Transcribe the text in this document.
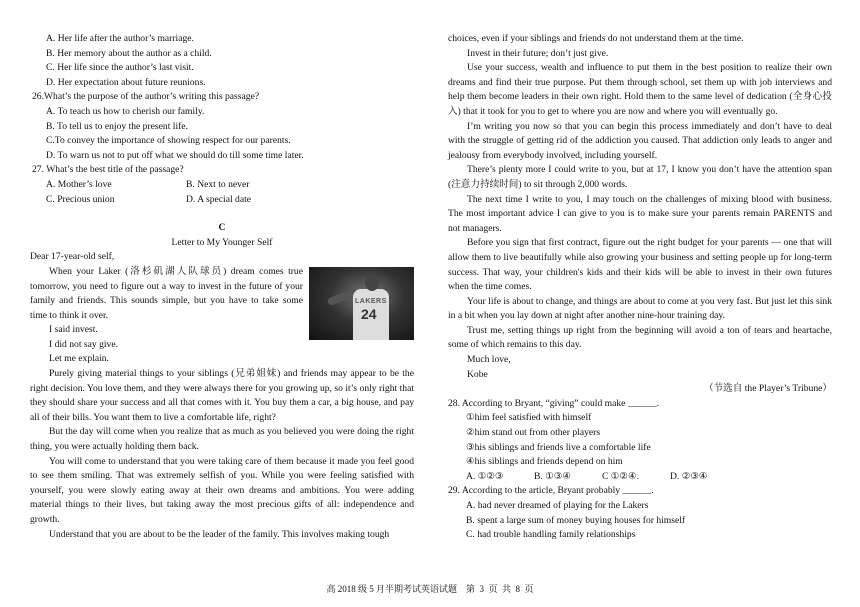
A. Her life after the author’s marriage.
B. Her memory about the author as a child.
C. Her life since the author’s last visit.
D. Her expectation about future reunions.
26.What’s the purpose of the author’s writing this passage?
A. To teach us how to cherish our family.
B. To tell us to enjoy the present life.
C.To convey the importance of showing respect for our parents.
D. To warn us not to put off what we should do till some time later.
27. What’s the best title of the passage?
A. Mother’s love	B. Next to never
C. Precious union	D. A special date
C
Letter to My Younger Self
Dear 17-year-old self,
LAKERS
24

When your Laker (洛杉矶湖人队球员) dream comes true tomorrow, you need to figure out a way to invest in the future of your family and friends. This sounds simple, but you have to take some time to think it over.

I said invest.

I did not say give.

Let me explain.

Purely giving material things to your siblings (兄弟姐妹) and friends may appear to be the right decision. You love them, and they were always there for you growing up, so it’s only right that they should share your success and all that comes with it. You buy them a car, a big house, and pay all of their bills. You want them to live a comfortable life, right?

But the day will come when you realize that as much as you believed you were doing the right thing, you were actually holding them back.

You will come to understand that you were taking care of them because it made you feel good to see them smiling. That was extremely selfish of you. While you were feeling satisfied with yourself, you were slowly eating away at their own dreams and ambitions. You were adding material things to their lives, but taking away the most precious gifts of all: independence and growth.

Understand that you are about to be the leader of the family. This involves making tough

choices, even if your siblings and friends do not understand them at the time.

Invest in their future; don’t just give.

Use your success, wealth and influence to put them in the best position to realize their own dreams and find their true purpose. Put them through school, set them up with job interviews and help them become leaders in their own right. Hold them to the same level of dedication (全身心投入) that it took for you to get to where you are now and where you will eventually go.

I’m writing you now so that you can begin this process immediately and don’t have to deal with the struggle of getting rid of the addiction you caused. That addiction only leads to anger and jealousy from everybody involved, including yourself.

There’s plenty more I could write to you, but at 17, I know you don’t have the attention span (注意力持续时间) to sit through 2,000 words.

The next time I write to you, I may touch on the challenges of mixing blood with business. The most important advice I can give to you is to make sure your parents remain PARENTS and not managers.

Before you sign that first contract, figure out the right budget for your parents — one that will allow them to live beautifully while also growing your business and setting people up for long-term success. That way, your children's kids and their kids will be able to invest in their own futures when the time comes.

Your life is about to change, and things are about to come at you very fast. But just let this sink in a bit when you lay down at night after another nine-hour training day.

Trust me, setting things up right from the beginning will avoid a ton of tears and heartache, some of which remains to this day.

Much love,

Kobe

（节选自 the Player’s Tribune）
28. According to Bryant, “giving” could make ______.
①him feel satisfied with himself
②him stand out from other players
③his siblings and friends live a comfortable life
④his siblings and friends depend on him
A. ①②③	B. ①③④	C ①②④.	D. ②③④
29. According to the article, Bryant probably ______.
A. had never dreamed of playing for the Lakers
B. spent a large sum of money buying houses for himself
C. had trouble handling family relationships
高 2018 级 5 月半期考试英语试题    第  3  页  共  8  页
